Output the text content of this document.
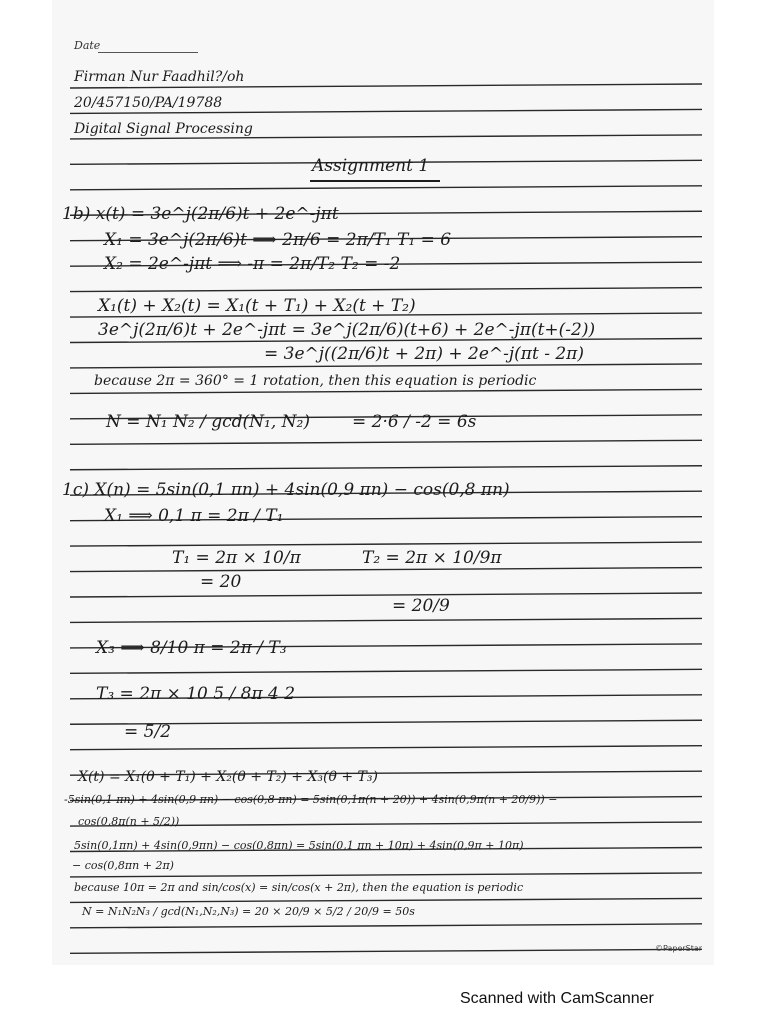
Date
Firman Nur Faadhil?/oh
20/457150/PA/19788
Digital Signal Processing
Assignment 1
1b) x(t) = 3e^j(2π/6)t + 2e^-jπt
X₁ = 3e^j(2π/6)t ⟹ 2π/6 = 2π/T₁ T₁ = 6
X₂ = 2e^-jπt ⟹ -π = 2π/T₂ T₂ = -2
X₁(t) + X₂(t) = X₁(t + T₁) + X₂(t + T₂)
3e^j(2π/6)t + 2e^-jπt = 3e^j(2π/6)(t+6) + 2e^-jπ(t+(-2))
= 3e^j((2π/6)t + 2π) + 2e^-j(πt - 2π)
because 2π = 360° = 1 rotation, then this equation is periodic
N = N₁ N₂ / gcd(N₁, N₂) = 2·6 / -2 = 6s
1c) X(n) = 5sin(0,1 πn) + 4sin(0,9 πn) − cos(0,8 πn)
X₁ ⟹ 0,1 π = 2π / T₁
T₁ = 2π × 10/π
= 20
T₂ = 2π × 10/9π
= 20/9
X₃ ⟹ 8/10 π = 2π / T₃
T₃ = 2π × 10 5 / 8π 4 2
= 5/2
X(t) = X₁(θ + T₁) + X₂(θ + T₂) + X₃(θ + T₃)
-5sin(0,1 πn) + 4sin(0,9 πn) − cos(0,8 πn) = 5sin(0,1π(n + 20)) + 4sin(0,9π(n + 20/9)) −
cos(0,8π(n + 5/2))
5sin(0,1πn) + 4sin(0,9πn) − cos(0,8πn) = 5sin(0,1 πn + 10π) + 4sin(0,9π + 10π)
− cos(0,8πn + 2π)
because 10π = 2π and sin/cos(x) = sin/cos(x + 2π), then the equation is periodic
N = N₁N₂N₃ / gcd(N₁,N₂,N₃) = 20 × 20/9 × 5/2 / 20/9 = 50s
©PaperStar
Scanned with CamScanner
